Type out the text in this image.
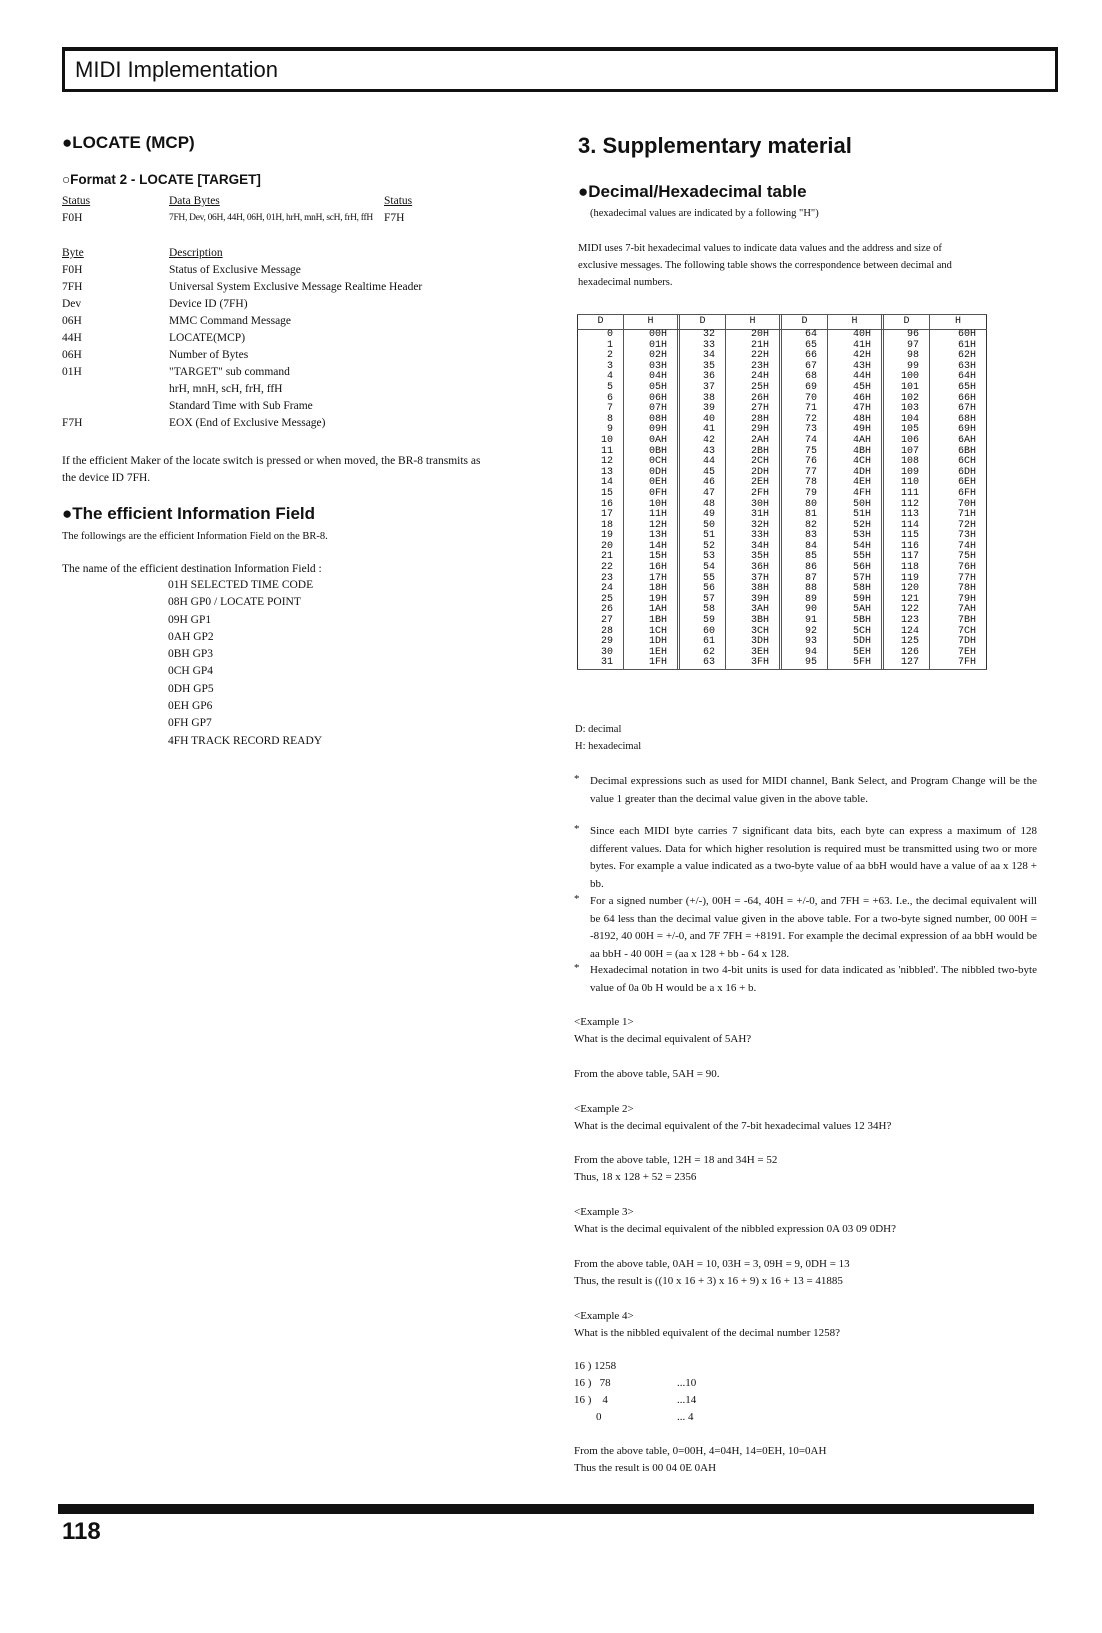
MIDI Implementation
●LOCATE (MCP)
○Format 2 - LOCATE [TARGET]
Status	Data Bytes	Status
F0H	7FH, Dev, 06H, 44H, 06H, 01H, hrH, mnH, scH, frH, ffH F7H
Byte	Description
F0H	Status of Exclusive Message
7FH	Universal System Exclusive Message Realtime Header
Dev	Device ID (7FH)
06H	MMC Command Message
44H	LOCATE(MCP)
06H	Number of Bytes
01H	"TARGET" sub command
hrH, mnH, scH, frH, ffH
Standard Time with Sub Frame
F7H	EOX (End of Exclusive Message)
If the efficient Maker of the locate switch is pressed or when moved, the BR-8 transmits as
the device ID 7FH.
●The efficient Information Field
The followings are the efficient Information Field on the BR-8.
The name of the efficient destination Information Field :
01H SELECTED TIME CODE
08H GP0 / LOCATE POINT
09H GP1
0AH GP2
0BH GP3
0CH GP4
0DH GP5
0EH GP6
0FH GP7
4FH TRACK RECORD READY
3. Supplementary material
●Decimal/Hexadecimal table
(hexadecimal values are indicated by a following "H")
MIDI uses 7-bit hexadecimal values to indicate data values and the address and size of
exclusive messages. The following table shows the correspondence between decimal and
hexadecimal numbers.
D	H	D	H	D	H	D	H
0	00H	32	20H	64	40H	96	60H
1	01H	33	21H	65	41H	97	61H
2	02H	34	22H	66	42H	98	62H
3	03H	35	23H	67	43H	99	63H
4	04H	36	24H	68	44H	100	64H
5	05H	37	25H	69	45H	101	65H
6	06H	38	26H	70	46H	102	66H
7	07H	39	27H	71	47H	103	67H
8	08H	40	28H	72	48H	104	68H
9	09H	41	29H	73	49H	105	69H
10	0AH	42	2AH	74	4AH	106	6AH
11	0BH	43	2BH	75	4BH	107	6BH
12	0CH	44	2CH	76	4CH	108	6CH
13	0DH	45	2DH	77	4DH	109	6DH
14	0EH	46	2EH	78	4EH	110	6EH
15	0FH	47	2FH	79	4FH	111	6FH
16	10H	48	30H	80	50H	112	70H
17	11H	49	31H	81	51H	113	71H
18	12H	50	32H	82	52H	114	72H
19	13H	51	33H	83	53H	115	73H
20	14H	52	34H	84	54H	116	74H
21	15H	53	35H	85	55H	117	75H
22	16H	54	36H	86	56H	118	76H
23	17H	55	37H	87	57H	119	77H
24	18H	56	38H	88	58H	120	78H
25	19H	57	39H	89	59H	121	79H
26	1AH	58	3AH	90	5AH	122	7AH
27	1BH	59	3BH	91	5BH	123	7BH
28	1CH	60	3CH	92	5CH	124	7CH
29	1DH	61	3DH	93	5DH	125	7DH
30	1EH	62	3EH	94	5EH	126	7EH
31	1FH	63	3FH	95	5FH	127	7FH
D: decimal
H: hexadecimal
* Decimal expressions such as used for MIDI channel, Bank Select, and Program Change will be the value 1 greater than the decimal value given in the above table.
* Since each MIDI byte carries 7 significant data bits, each byte can express a maximum of 128 different values. Data for which higher resolution is required must be transmitted using two or more bytes. For example a value indicated as a two-byte value of aa bbH would have a value of aa x 128 + bb.
* For a signed number (+/-), 00H = -64, 40H = +/-0, and 7FH = +63. I.e., the decimal equivalent will be 64 less than the decimal value given in the above table. For a two-byte signed number, 00 00H = -8192, 40 00H = +/-0, and 7F 7FH = +8191. For example the decimal expression of aa bbH would be aa bbH - 40 00H = (aa x 128 + bb - 64 x 128.
* Hexadecimal notation in two 4-bit units is used for data indicated as 'nibbled'. The nibbled two-byte value of 0a 0b H would be a x 16 + b.
<Example 1>
What is the decimal equivalent of 5AH?
From the above table, 5AH = 90.
<Example 2>
What is the decimal equivalent of the 7-bit hexadecimal values 12 34H?
From the above table, 12H = 18 and 34H = 52
Thus, 18 x 128 + 52 = 2356
<Example 3>
What is the decimal equivalent of the nibbled expression 0A 03 09 0DH?
From the above table, 0AH = 10, 03H = 3, 09H = 9, 0DH = 13
Thus, the result is ((10 x 16 + 3) x 16 + 9) x 16 + 13 = 41885
<Example 4>
What is the nibbled equivalent of the decimal number 1258?
16 ) 1258
16 )   78	...10
16 )    4	...14
0	... 4
From the above table, 0=00H, 4=04H, 14=0EH, 10=0AH
Thus the result is 00 04 0E 0AH
118
